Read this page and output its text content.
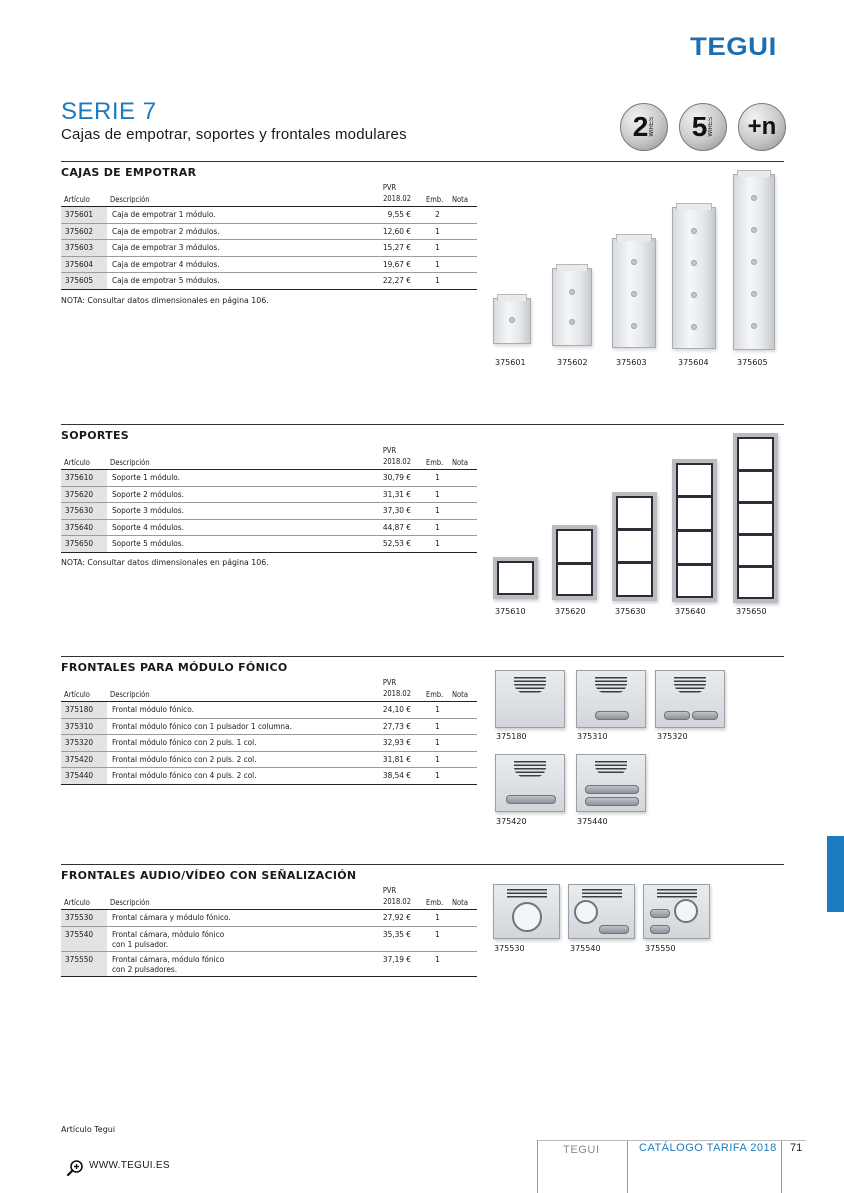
TEGUI
SERIE 7
Cajas de empotrar, soportes y frontales modulares	2 WIRES 5 WIRES +n
CAJAS DE EMPOTRAR
Artículo	Descripción	PVR
2018.02	Emb.	Nota
375601	Caja de empotrar 1 módulo.	9,55 €	2	
375602	Caja de empotrar 2 módulos.	12,60 €	1	
375603	Caja de empotrar 3 módulos.	15,27 €	1	
375604	Caja de empotrar 4 módulos.	19,67 €	1	
375605	Caja de empotrar 5 módulos.	22,27 €	1	
NOTA: Consultar datos dimensionales en página 106.
375601	375602	375603	375604	375605
SOPORTES
Artículo	Descripción	PVR
2018.02	Emb.	Nota
375610	Soporte 1 módulo.	30,79 €	1	
375620	Soporte 2 módulos.	31,31 €	1	
375630	Soporte 3 módulos.	37,30 €	1	
375640	Soporte 4 módulos.	44,87 €	1	
375650	Soporte 5 módulos.	52,53 €	1	
NOTA: Consultar datos dimensionales en página 106.
375610	375620	375630	375640	375650
FRONTALES PARA MÓDULO FÓNICO
Artículo	Descripción	PVR
2018.02	Emb.	Nota
375180	Frontal módulo fónico.	24,10 €	1	
375310	Frontal módulo fónico con 1 pulsador 1 columna.	27,73 €	1	
375320	Frontal módulo fónico con 2 puls. 1 col.	32,93 €	1	
375420	Frontal módulo fónico con 2 puls. 2 col.	31,81 €	1	
375440	Frontal módulo fónico con 4 puls. 2 col.	38,54 €	1	
375180	375310	375320
375420	375440
FRONTALES AUDIO/VÍDEO CON SEÑALIZACIÓN
Artículo	Descripción	PVR
2018.02	Emb.	Nota
375530	Frontal cámara y módulo fónico.	27,92 €	1	
375540	Frontal cámara, módulo fónico
con 1 pulsador.	35,35 €	1	
375550	Frontal cámara, módulo fónico
con 2 pulsadores.	37,19 €	1	
375530	375540	375550
Artículo Tegui
TEGUI	CATÁLOGO TARIFA 2018 71
WWW.TEGUI.ES
